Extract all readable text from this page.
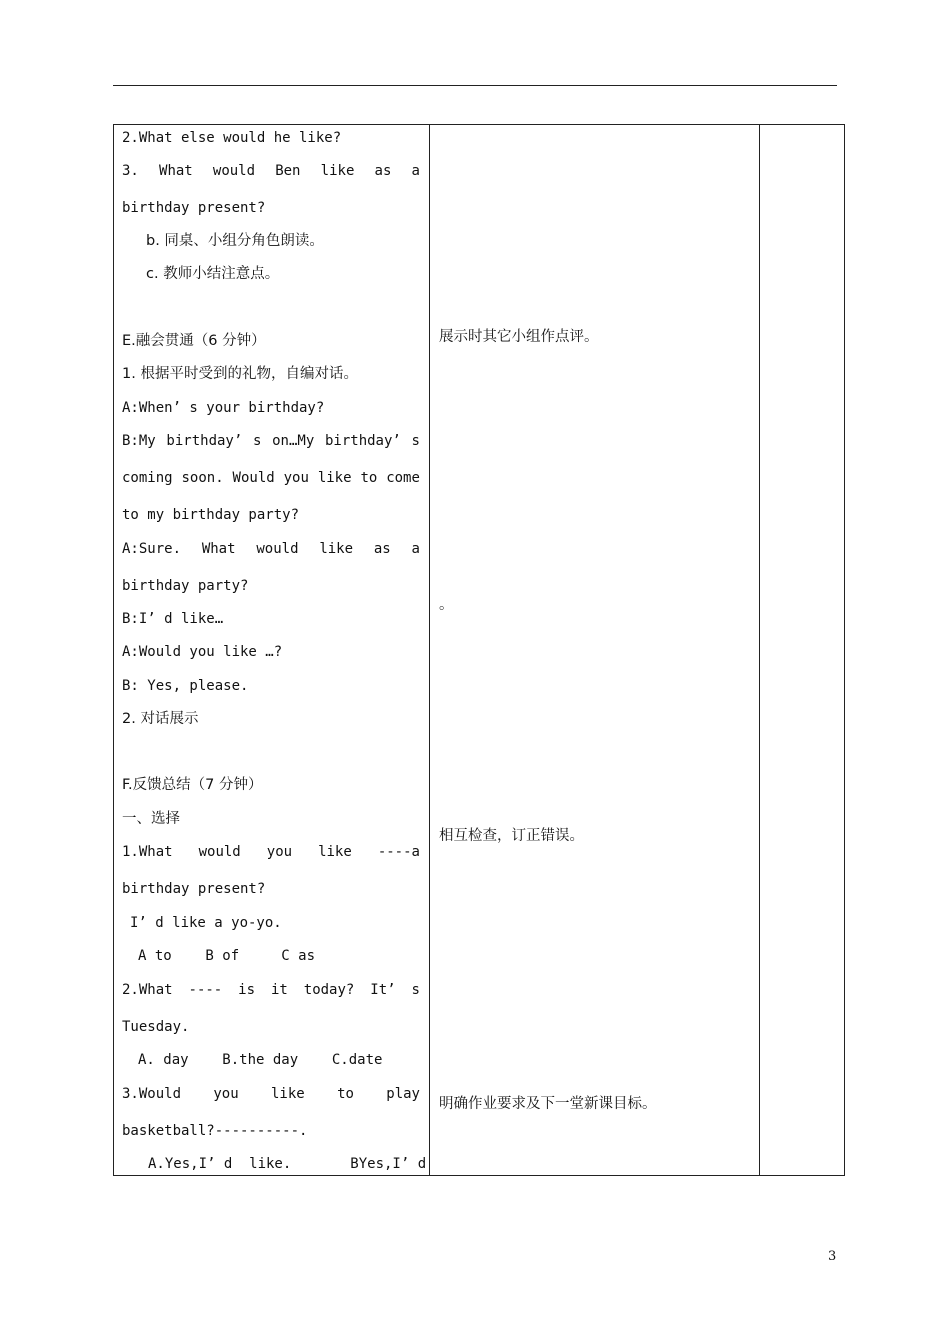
2.What else would he like?
3. What would Ben like as a
birthday present?
b. 同桌、小组分角色朗读。
c. 教师小结注意点。
E.融会贯通（6 分钟）
1. 根据平时受到的礼物，自编对话。
A:When’ s your birthday?
B:My birthday’ s on…My birthday’ s
coming soon. Would you like to come
to my birthday party?
A:Sure. What would like as a
birthday party?
B:I’ d like…
A:Would you like …?
B: Yes, please.
2. 对话展示
F.反馈总结（7 分钟）
一、选择
1.What would you like ----a
birthday present?
I’ d like a yo-yo.
A to    B of     C as
2.What ---- is it today? It’ s
Tuesday.
A. day    B.the day    C.date
3.Would you like to play
basketball?----------.
A.Yes,I’ d  like.       BYes,I’ d
展示时其它小组作点评。
。
相互检查，订正错误。
明确作业要求及下一堂新课目标。
3
